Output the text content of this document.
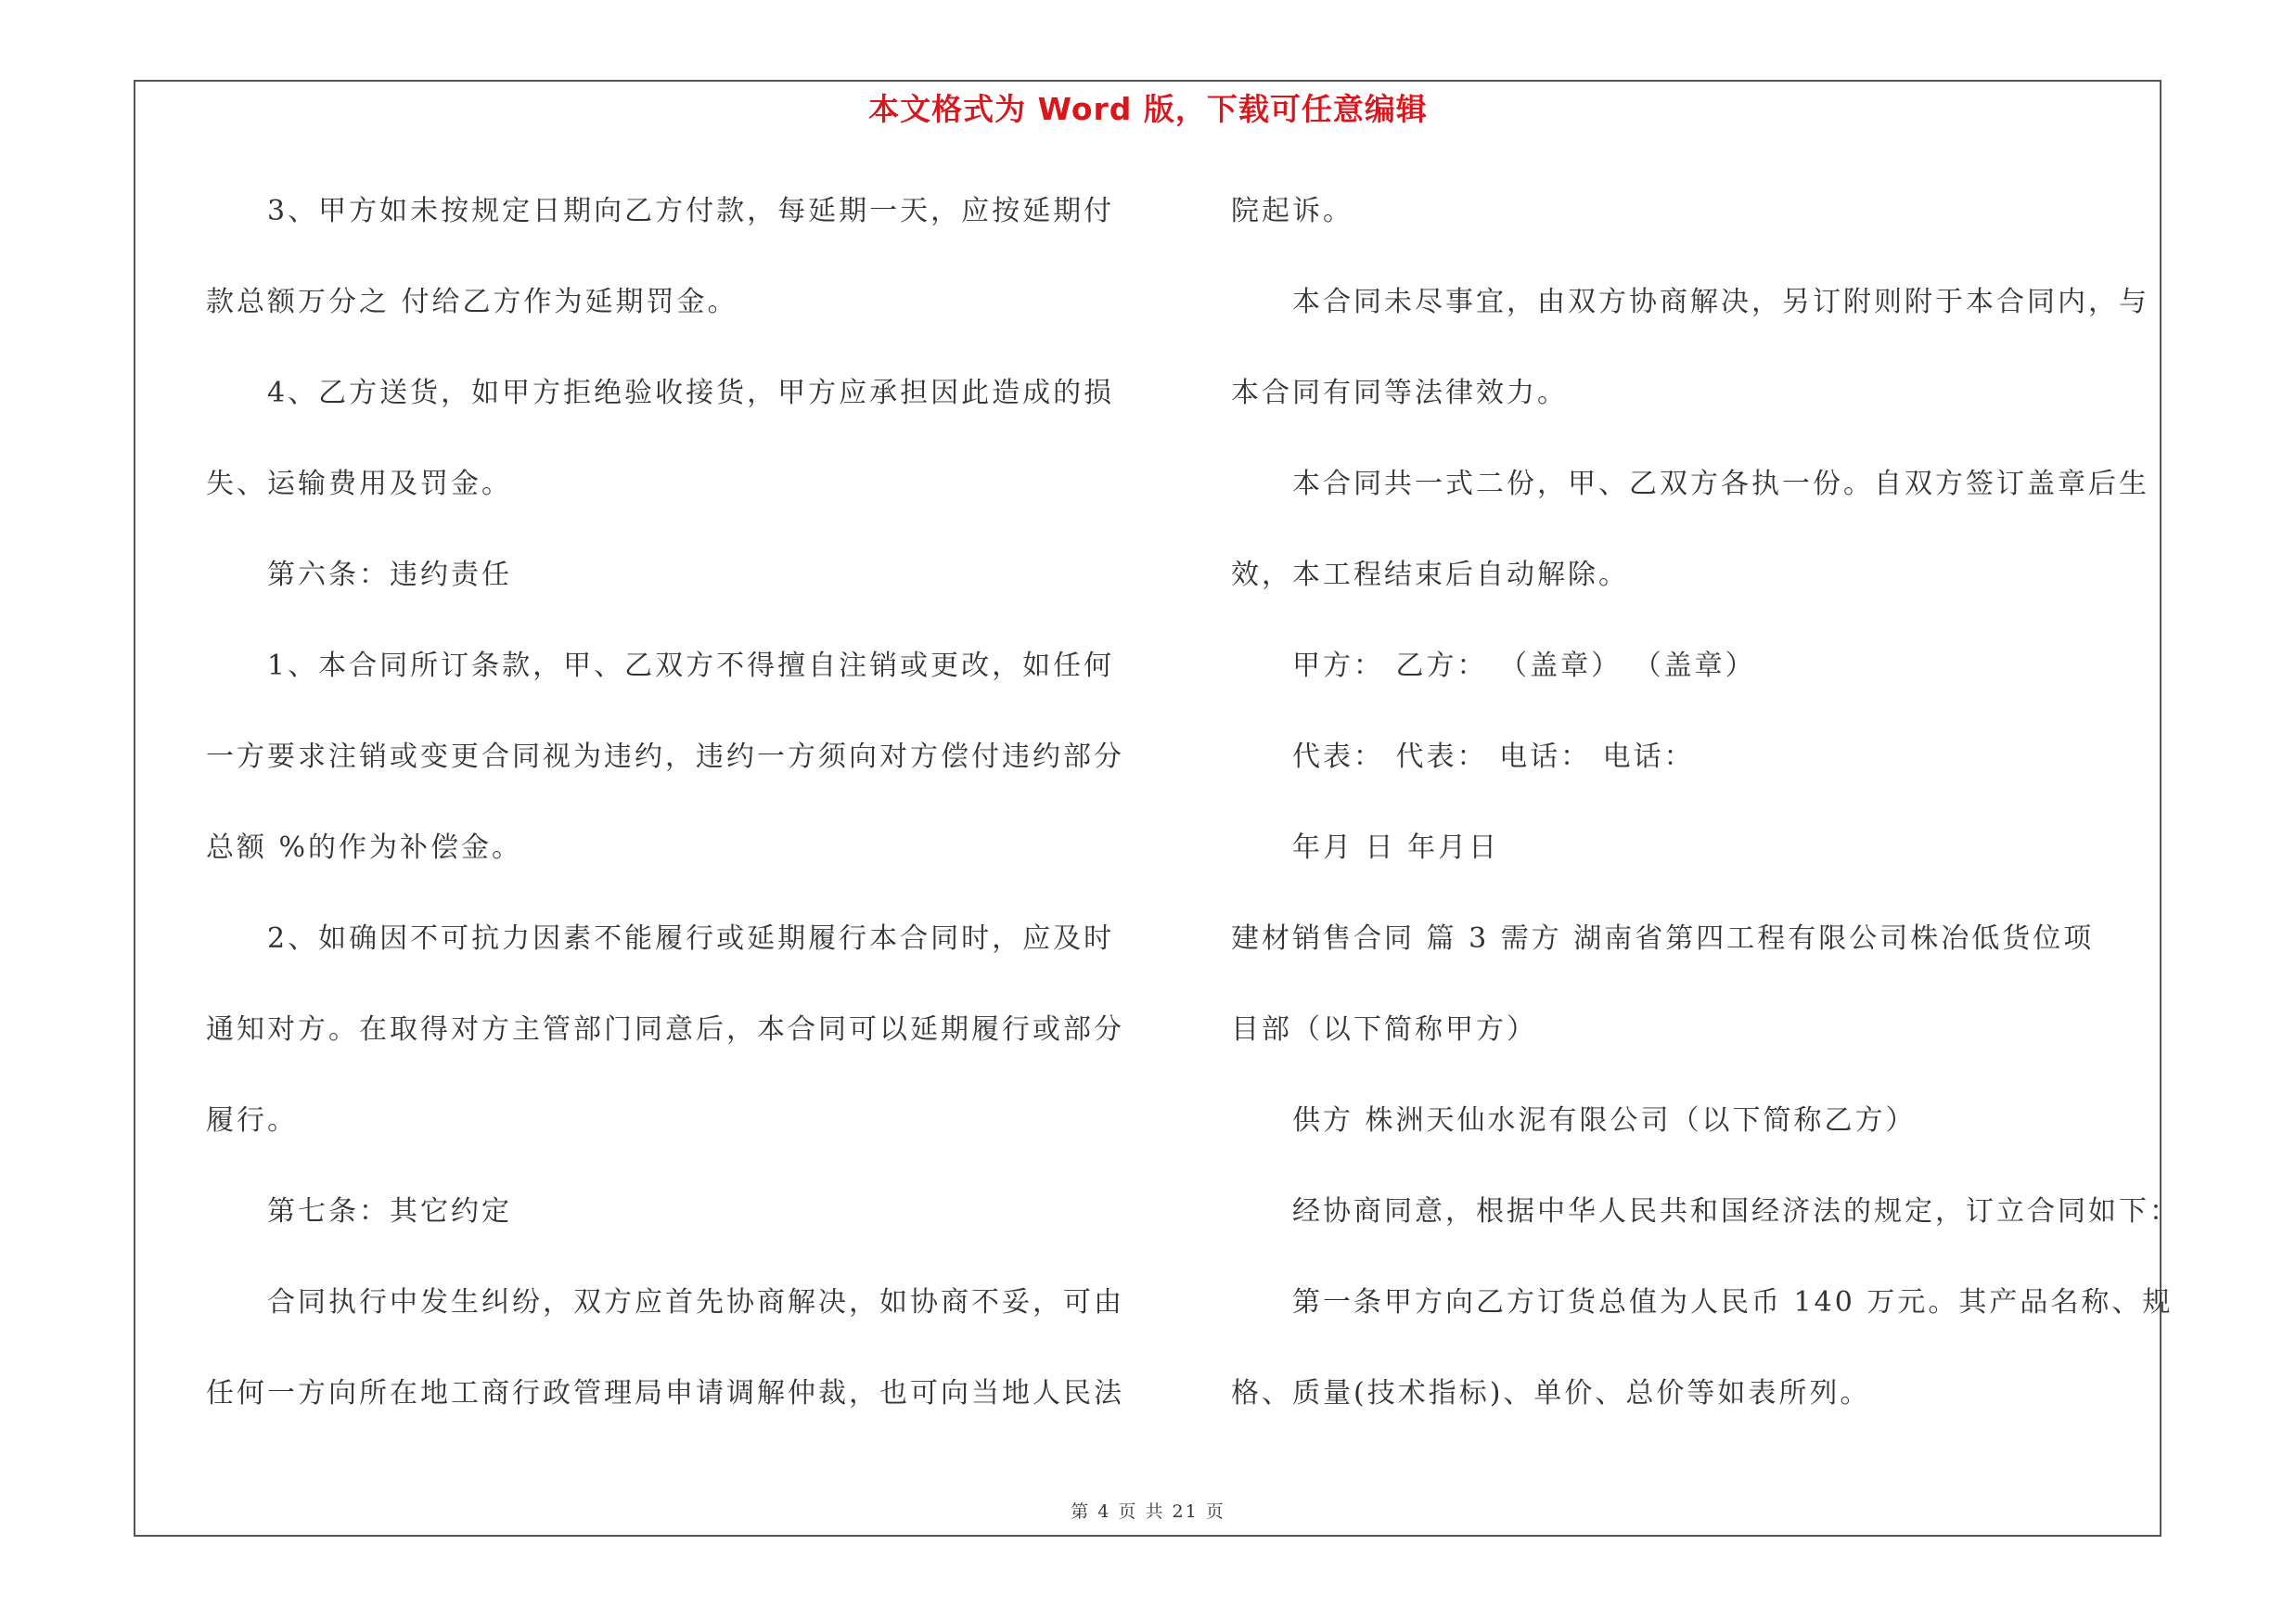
本文格式为 Word 版，下载可任意编辑
3、甲方如未按规定日期向乙方付款，每延期一天，应按延期付
款总额万分之 付给乙方作为延期罚金。
4、乙方送货，如甲方拒绝验收接货，甲方应承担因此造成的损
失、运输费用及罚金。
第六条：违约责任
1、本合同所订条款，甲、乙双方不得擅自注销或更改，如任何
一方要求注销或变更合同视为违约，违约一方须向对方偿付违约部分
总额 %的作为补偿金。
2、如确因不可抗力因素不能履行或延期履行本合同时，应及时
通知对方。在取得对方主管部门同意后，本合同可以延期履行或部分
履行。
第七条：其它约定
合同执行中发生纠纷，双方应首先协商解决，如协商不妥，可由
任何一方向所在地工商行政管理局申请调解仲裁，也可向当地人民法
院起诉。
本合同未尽事宜，由双方协商解决，另订附则附于本合同内，与
本合同有同等法律效力。
本合同共一式二份，甲、乙双方各执一份。自双方签订盖章后生
效，本工程结束后自动解除。
甲方： 乙方： （盖章） （盖章）
代表： 代表： 电话： 电话：
年月 日 年月日
建材销售合同 篇 3 需方 湖南省第四工程有限公司株冶低货位项
目部（以下简称甲方）
供方 株洲天仙水泥有限公司（以下简称乙方）
经协商同意，根据中华人民共和国经济法的规定，订立合同如下：
第一条甲方向乙方订货总值为人民币 140 万元。其产品名称、规
格、质量(技术指标)、单价、总价等如表所列。
第 4 页 共 21 页
